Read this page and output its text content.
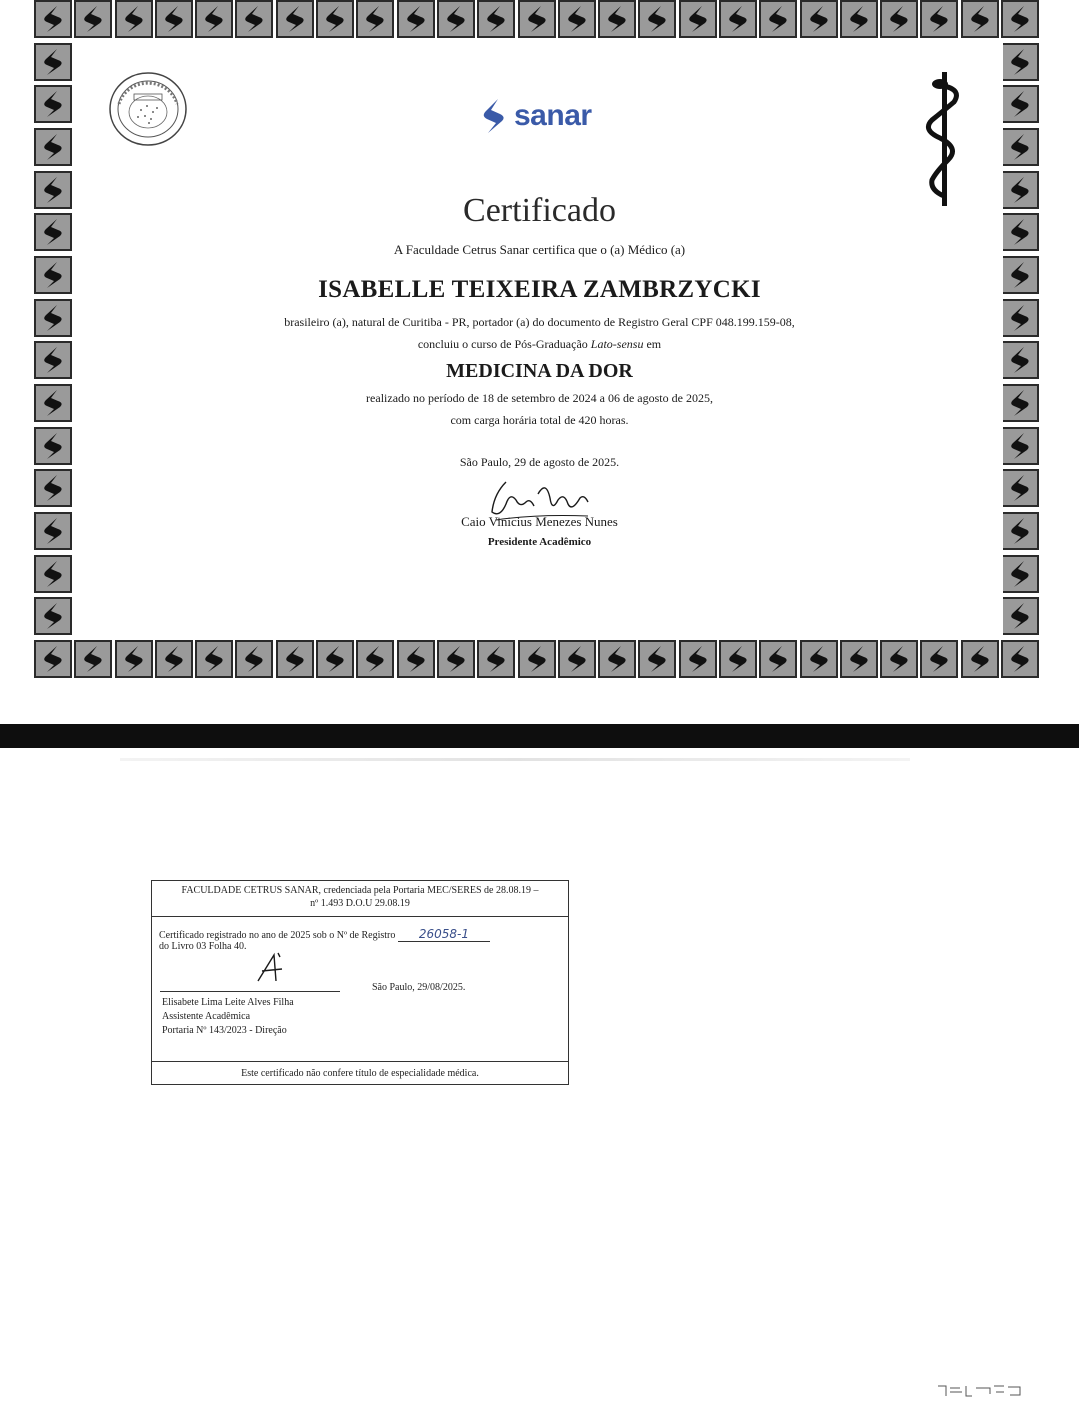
sanar
Certificado
A Faculdade Cetrus Sanar certifica que o (a) Médico (a)
ISABELLE TEIXEIRA ZAMBRZYCKI
brasileiro (a), natural de Curitiba - PR, portador (a) do documento de Registro Geral CPF 048.199.159-08,
concluiu o curso de Pós-Graduação Lato-sensu em
MEDICINA DA DOR
realizado no período de 18 de setembro de 2024 a 06 de agosto de 2025,
com carga horária total de 420 horas.
São Paulo, 29 de agosto de 2025.
Caio Vinicius Menezes Nunes
Presidente Acadêmico
FACULDADE CETRUS SANAR, credenciada pela Portaria MEC/SERES de 28.08.19 –
nº 1.493 D.O.U 29.08.19
Certificado registrado no ano de 2025 sob o Nº de Registro 26058-1
do Livro 03 Folha 40.
São Paulo, 29/08/2025.
Elisabete Lima Leite Alves Filha
Assistente Acadêmica
Portaria Nº 143/2023 - Direção
Este certificado não confere título de especialidade médica.
